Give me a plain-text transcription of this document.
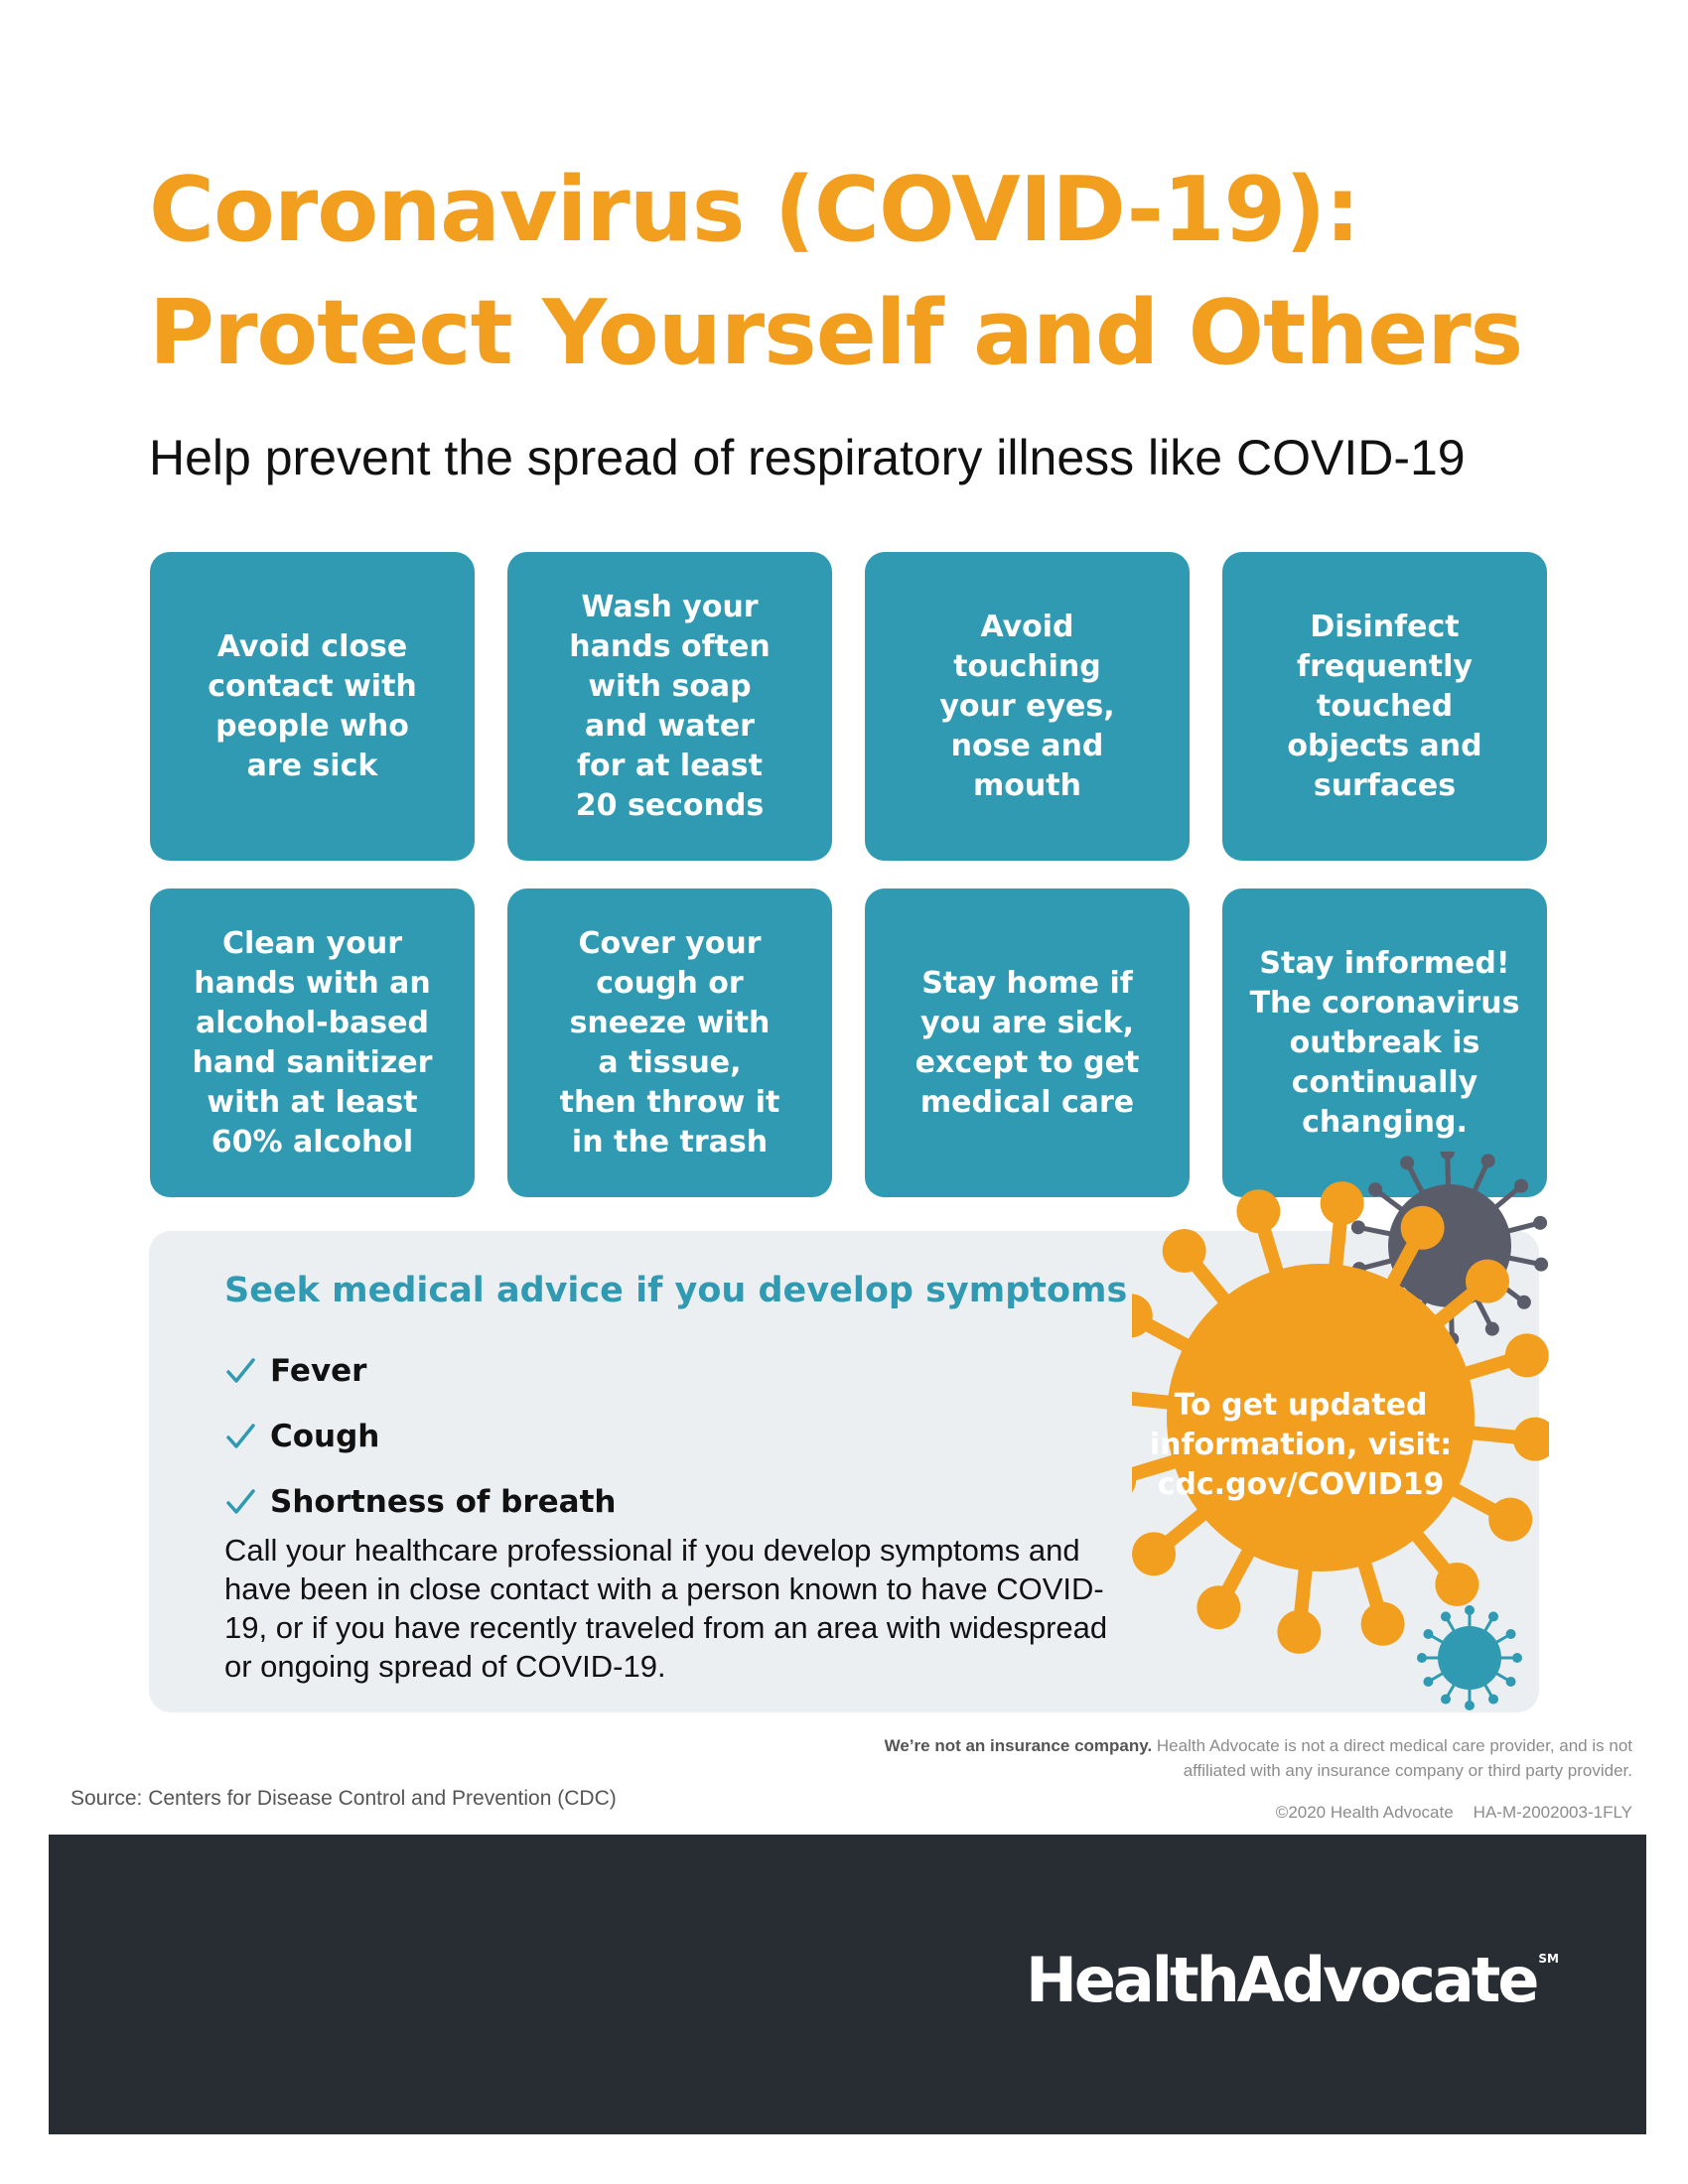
Coronavirus (COVID-19):
Protect Yourself and Others

Help prevent the spread of respiratory illness like COVID-19

Avoid close
contact with
people who
are sick
Wash your
hands often
with soap
and water
for at least
20 seconds
Avoid
touching
your eyes,
nose and
mouth
Disinfect
frequently
touched
objects and
surfaces
Clean your
hands with an
alcohol-based
hand sanitizer
with at least
60% alcohol
Cover your
cough or
sneeze with
a tissue,
then throw it
in the trash
Stay home if
you are sick,
except to get
medical care
Stay informed!
The coronavirus
outbreak is
continually
changing.
Seek medical advice if you develop symptoms
Fever
Cough
Shortness of breath

Call your healthcare professional if you develop symptoms and have been in close contact with a person known to have COVID-19, or if you have recently traveled from an area with widespread or ongoing spread of COVID-19.

To get updated
information, visit:
cdc.gov/COVID19

We’re not an insurance company. Health Advocate is not a direct medical care provider, and is not affiliated with any insurance company or third party provider.

©2020 Health Advocate HA-M-2002003-1FLY

Source: Centers for Disease Control and Prevention (CDC)

HealthAdvocate ℠
